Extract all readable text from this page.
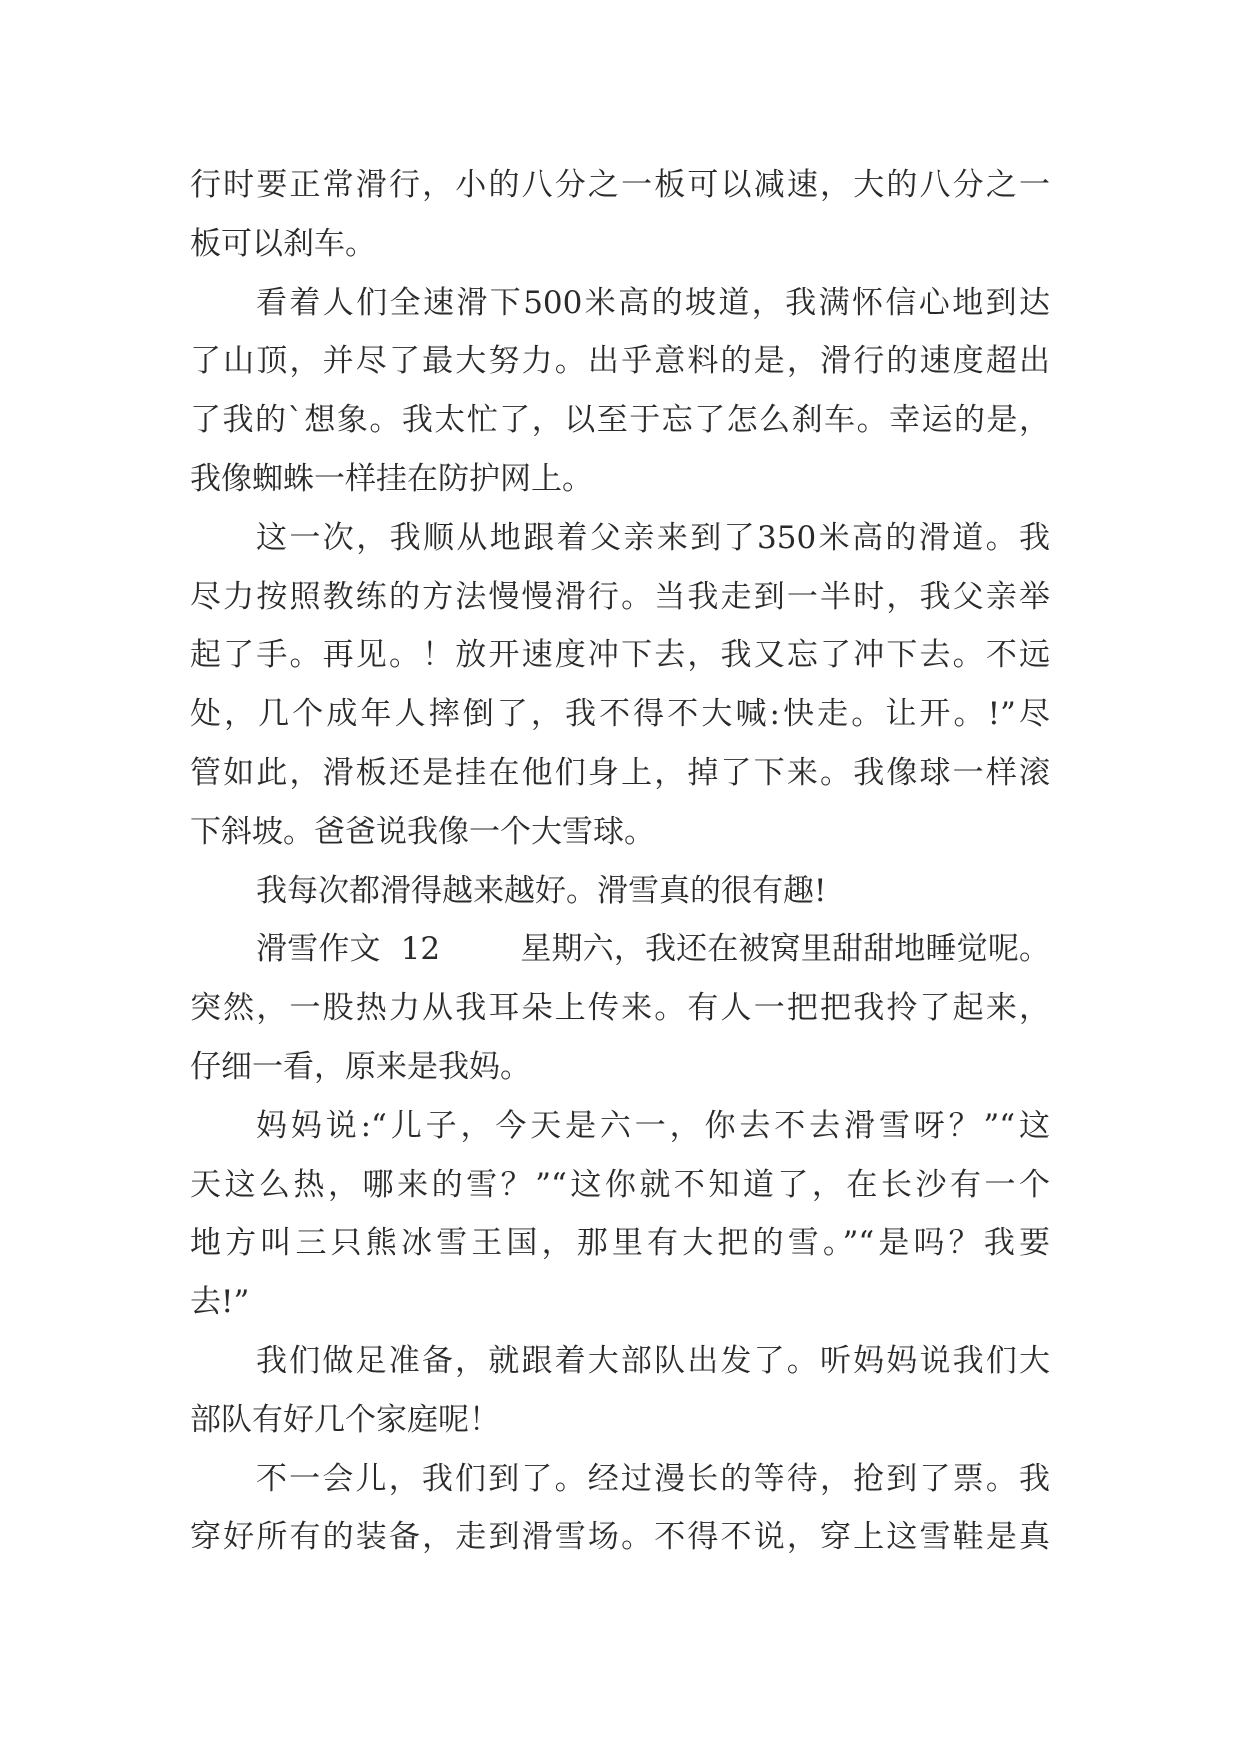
行时要正常滑行，小的八分之一板可以减速，大的八分之一
板可以刹车。
看着人们全速滑下500米高的坡道，我满怀信心地到达
了山顶，并尽了最大努力。出乎意料的是，滑行的速度超出
了我的`想象。我太忙了，以至于忘了怎么刹车。幸运的是，
我像蜘蛛一样挂在防护网上。
这一次，我顺从地跟着父亲来到了350米高的滑道。我
尽力按照教练的方法慢慢滑行。当我走到一半时，我父亲举
起了手。再见。！放开速度冲下去，我又忘了冲下去。不远
处，几个成年人摔倒了，我不得不大喊:快走。让开。!”尽
管如此，滑板还是挂在他们身上，掉了下来。我像球一样滚
下斜坡。爸爸说我像一个大雪球。
我每次都滑得越来越好。滑雪真的很有趣!
滑雪作文  12        星期六，我还在被窝里甜甜地睡觉呢。
突然，一股热力从我耳朵上传来。有人一把把我拎了起来，
仔细一看，原来是我妈。
妈妈说:“儿子，今天是六一，你去不去滑雪呀？”“这
天这么热，哪来的雪？”“这你就不知道了，在长沙有一个
地方叫三只熊冰雪王国，那里有大把的雪。”“是吗？我要
去!”
我们做足准备，就跟着大部队出发了。听妈妈说我们大
部队有好几个家庭呢！
不一会儿，我们到了。经过漫长的等待，抢到了票。我
穿好所有的装备，走到滑雪场。不得不说，穿上这雪鞋是真
